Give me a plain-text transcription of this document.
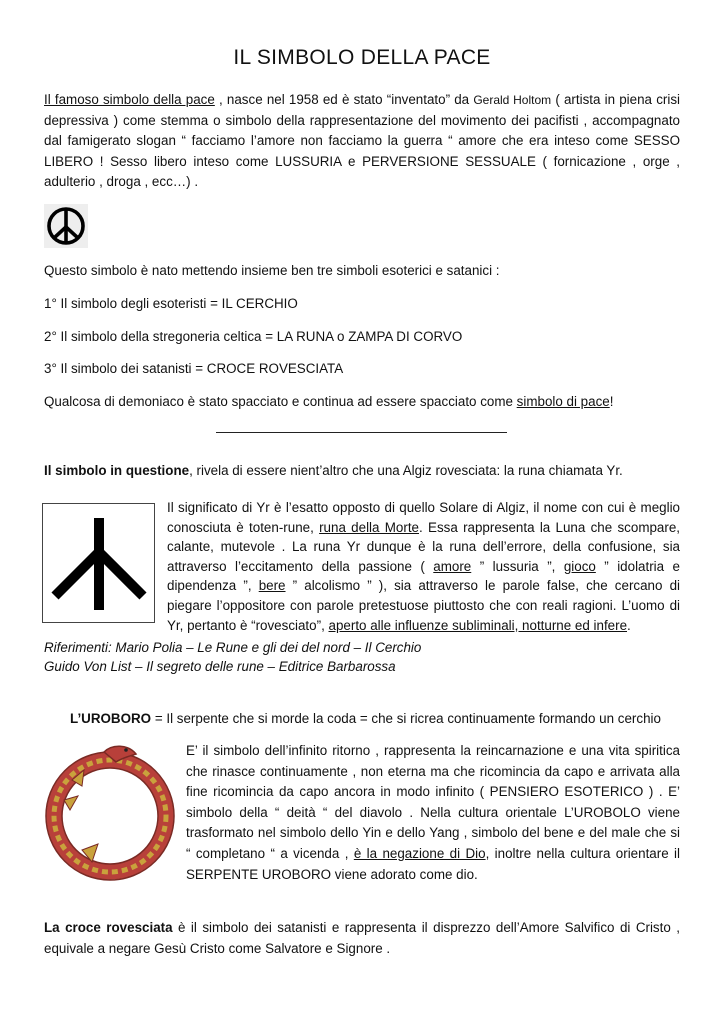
IL SIMBOLO DELLA PACE
Il famoso simbolo della pace , nasce nel 1958 ed è stato “inventato” da Gerald Holtom ( artista in piena crisi depressiva ) come stemma o simbolo della rappresentazione del movimento dei pacifisti , accompagnato dal famigerato slogan “ facciamo l’amore non facciamo la guerra “ amore che era inteso come SESSO LIBERO ! Sesso libero inteso come LUSSURIA e PERVERSIONE SESSUALE ( fornicazione , orge , adulterio , droga , ecc…) .
Questo simbolo è nato mettendo insieme ben tre simboli esoterici e satanici :
1° Il simbolo degli esoteristi = IL CERCHIO
2° Il simbolo della stregoneria celtica = LA RUNA o ZAMPA DI CORVO
3° Il simbolo dei satanisti = CROCE ROVESCIATA
Qualcosa di demoniaco è stato spacciato e continua ad essere spacciato come simbolo di pace!
Il simbolo in questione, rivela di essere nient’altro che una Algiz rovesciata: la runa chiamata Yr.
Il significato di Yr è l’esatto opposto di quello Solare di Algiz, il nome con cui è meglio conosciuta è toten-rune, runa della Morte. Essa rappresenta la Luna che scompare, calante, mutevole . La runa Yr dunque è la runa dell’errore, della confusione, sia attraverso l’eccitamento della passione ( amore ” lussuria ”, gioco ” idolatria e dipendenza ”, bere ” alcolismo ” ), sia attraverso le parole false, che cercano di piegare l’oppositore con parole pretestuose piuttosto che con reali ragioni. L’uomo di Yr, pertanto è “rovesciato”, aperto alle influenze subliminali, notturne ed infere.
Riferimenti: Mario Polia – Le Rune e gli dei del nord – Il Cerchio
Guido Von List – Il segreto delle rune – Editrice Barbarossa
L’UROBORO = Il serpente che si morde la coda = che si ricrea continuamente formando un cerchio
E’ il simbolo dell’infinito ritorno , rappresenta la reincarnazione e una vita spiritica che rinasce continuamente , non eterna ma che ricomincia da capo e arrivata alla fine ricomincia da capo ancora in modo infinito ( PENSIERO ESOTERICO ) . E’ simbolo della “ deità “ del diavolo . Nella cultura orientale L’UROBOLO viene trasformato nel simbolo dello Yin e dello Yang , simbolo del bene e del male che si “ completano “ a vicenda , è la negazione di Dio, inoltre nella cultura orientare il SERPENTE UROBORO viene adorato come dio.
La croce rovesciata è il simbolo dei satanisti e rappresenta il disprezzo dell’Amore Salvifico di Cristo , equivale a negare Gesù Cristo come Salvatore e Signore .
